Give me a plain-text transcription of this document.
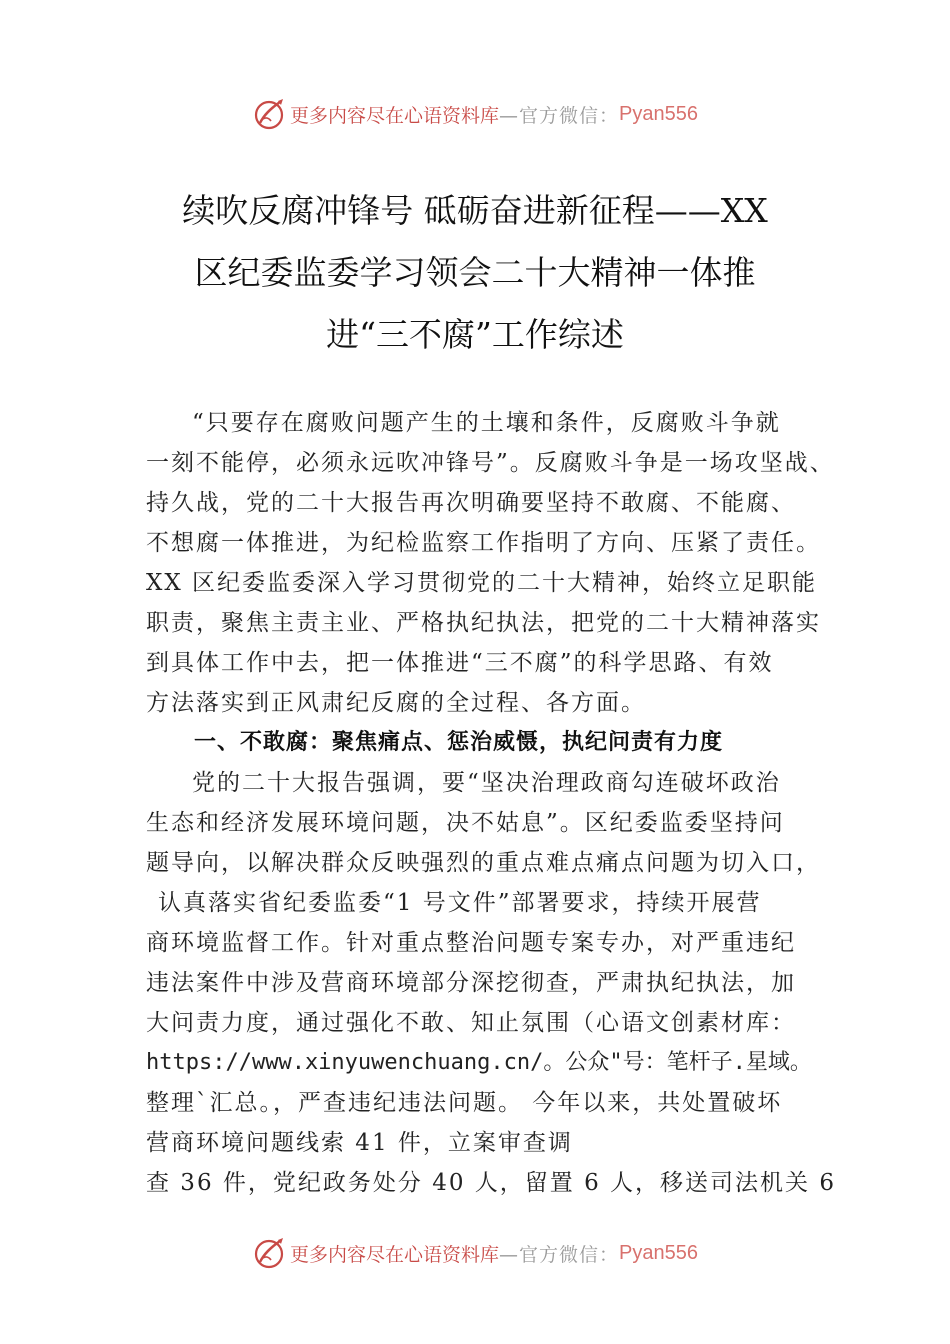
更多内容尽在心语资料库 —官方微信： Pyan556
续吹反腐冲锋号 砥砺奋进新征程——XX
区纪委监委学习领会二十大精神一体推
进“三不腐”工作综述
“只要存在腐败问题产生的土壤和条件，反腐败斗争就
一刻不能停，必须永远吹冲锋号”。反腐败斗争是一场攻坚战、
持久战，党的二十大报告再次明确要坚持不敢腐、不能腐、
不想腐一体推进，为纪检监察工作指明了方向、压紧了责任。
XX 区纪委监委深入学习贯彻党的二十大精神，始终立足职能
职责，聚焦主责主业、严格执纪执法，把党的二十大精神落实
到具体工作中去，把一体推进“三不腐”的科学思路、有效
方法落实到正风肃纪反腐的全过程、各方面。
一、不敢腐：聚焦痛点、惩治威慑，执纪问责有力度
党的二十大报告强调，要“坚决治理政商勾连破坏政治
生态和经济发展环境问题，决不姑息”。区纪委监委坚持问
题导向，以解决群众反映强烈的重点难点痛点问题为切入口，
认真落实省纪委监委“1 号文件”部署要求，持续开展营
商环境监督工作。针对重点整治问题专案专办，对严重违纪
违法案件中涉及营商环境部分深挖彻查，严肃执纪执法，加
大问责力度，通过强化不敢、知止氛围（心语文创素材库：
https://www.xinyuwenchuang.cn/。公众"号：笔杆子.星域。
整理`汇总。，严查违纪违法问题。 今年以来，共处置破坏
营商环境问题线索 41 件，立案审查调
查 36 件，党纪政务处分 40 人，留置 6 人，移送司法机关 6
更多内容尽在心语资料库 —官方微信： Pyan556
